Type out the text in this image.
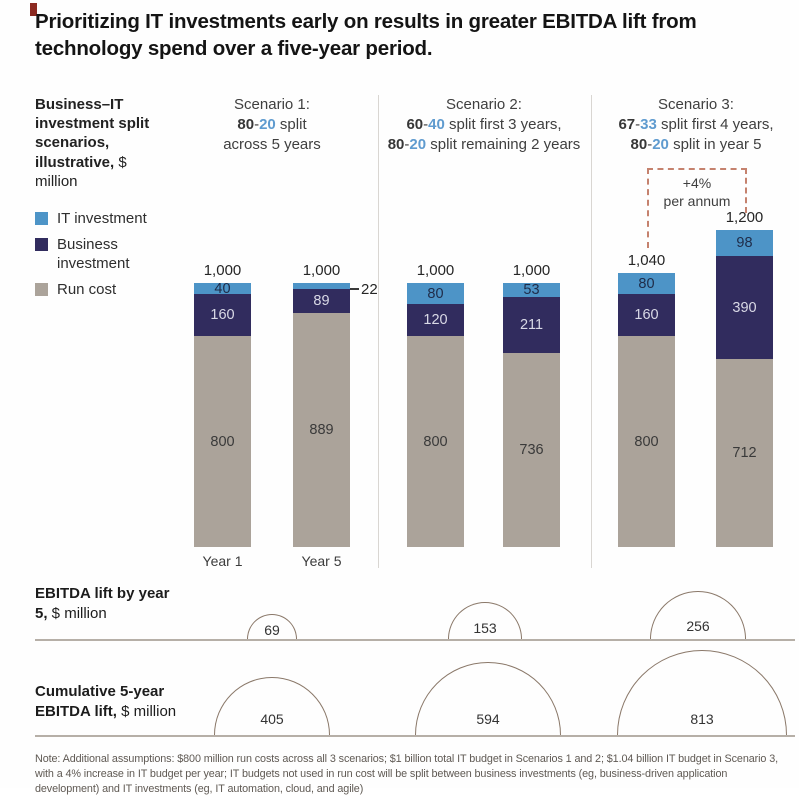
Prioritizing IT investments early on results in greater EBITDA lift from technology spend over a five-year period.
Business–IT investment split scenarios, illustrative, $ million
IT investment
Business investment
Run cost
Scenario 1:
80-20 split
across 5 years
Scenario 2:
60-40 split first 3 years,
80-20 split remaining 2 years
Scenario 3:
67-33 split first 4 years,
80-20 split in year 5
+4%
per annum
1,000
40
160
800
1,000
89
889
22
1,000
80
120
800
1,000
53
211
736
1,040
80
160
800
1,200
98
390
712
Year 1	Year 5
EBITDA lift by year 5, $ million
69	153	256
Cumulative 5-year EBITDA lift, $ million	405	594	813
Note: Additional assumptions: $800 million run costs across all 3 scenarios; $1 billion total IT budget in Scenarios 1 and 2; $1.04 billion IT budget in Scenario 3,
with a 4% increase in IT budget per year; IT budgets not used in run cost will be split between business investments (eg, business-driven application
development) and IT investments (eg, IT automation, cloud, and agile)
